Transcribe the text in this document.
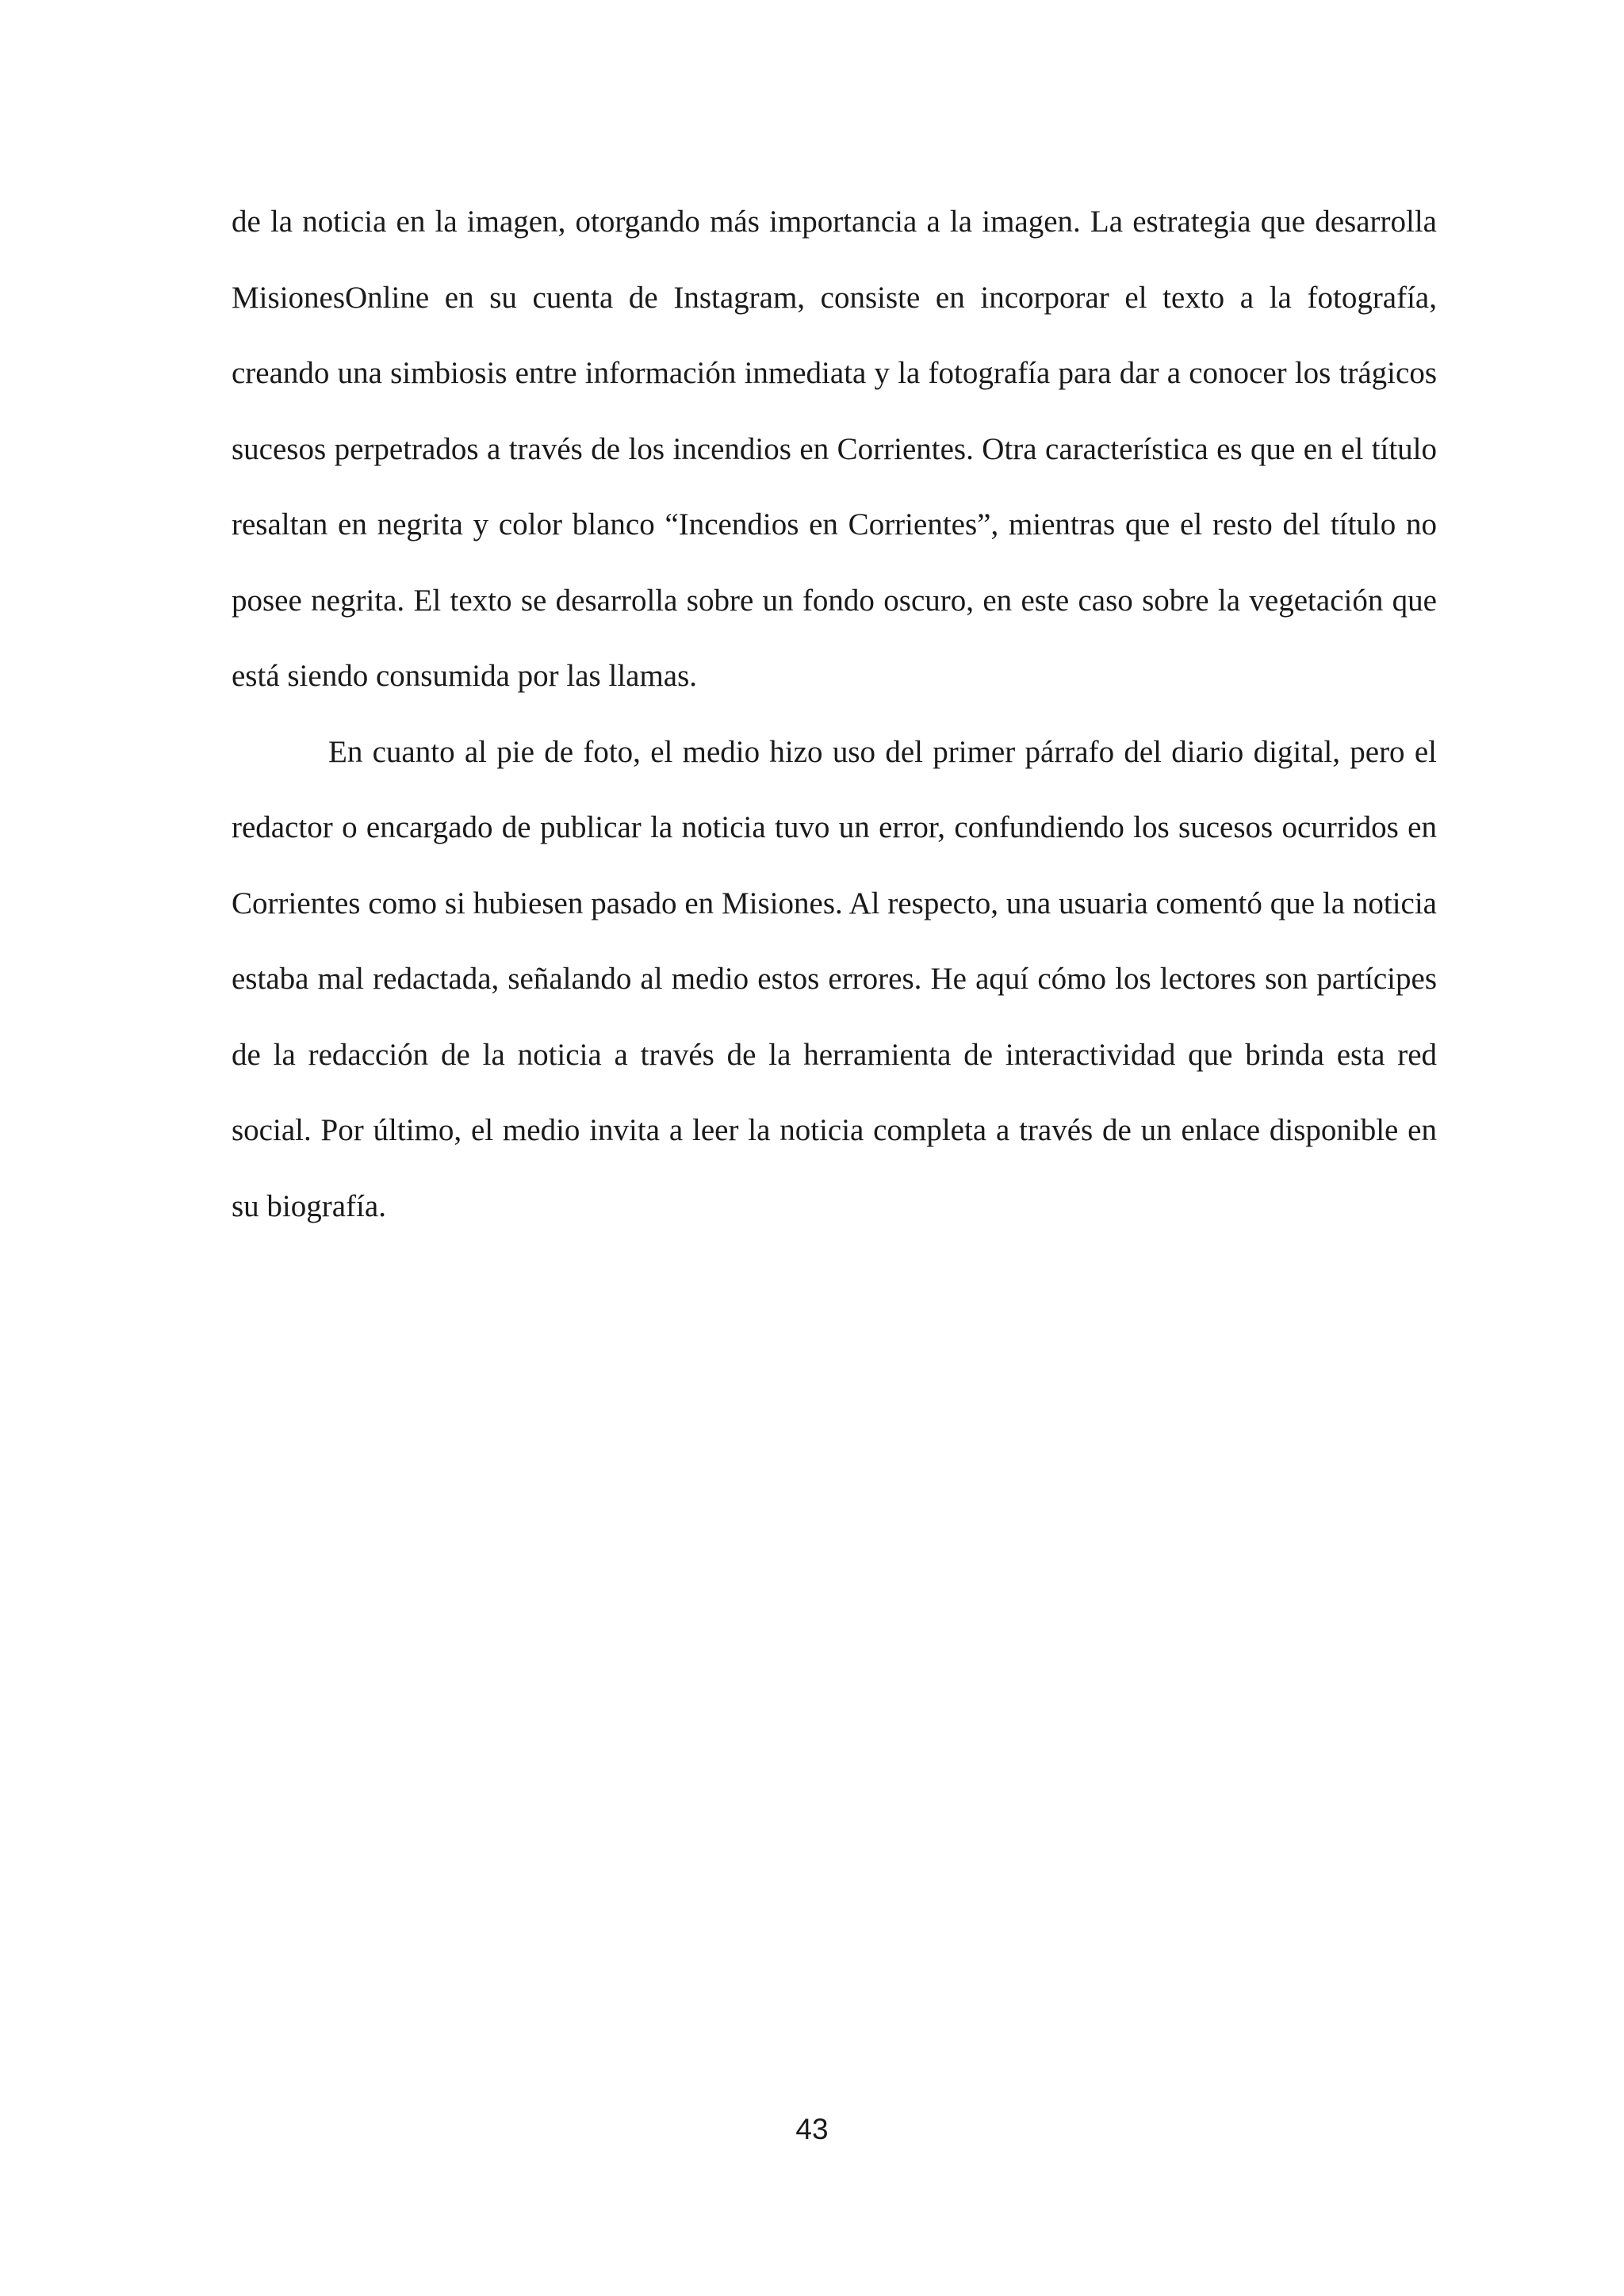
de la noticia en la imagen, otorgando más importancia a la imagen. La estrategia que desarrolla MisionesOnline en su cuenta de Instagram, consiste en incorporar el texto a la fotografía, creando una simbiosis entre información inmediata y la fotografía para dar a conocer los trágicos sucesos perpetrados a través de los incendios en Corrientes. Otra característica es que en el título resaltan en negrita y color blanco “Incendios en Corrientes”, mientras que el resto del título no posee negrita. El texto se desarrolla sobre un fondo oscuro, en este caso sobre la vegetación que está siendo consumida por las llamas.

En cuanto al pie de foto, el medio hizo uso del primer párrafo del diario digital, pero el redactor o encargado de publicar la noticia tuvo un error, confundiendo los sucesos ocurridos en Corrientes como si hubiesen pasado en Misiones. Al respecto, una usuaria comentó que la noticia estaba mal redactada, señalando al medio estos errores. He aquí cómo los lectores son partícipes de la redacción de la noticia a través de la herramienta de interactividad que brinda esta red social. Por último, el medio invita a leer la noticia completa a través de un enlace disponible en su biografía.

43
